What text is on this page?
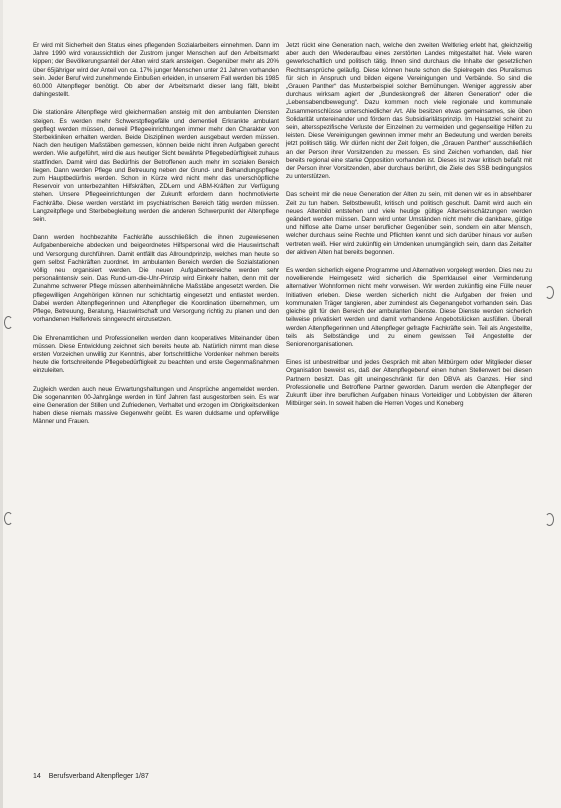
Er wird mit Sicherheit den Status eines pflegenden Sozialarbeiters einnehmen. Dann im Jahre 1990 wird voraussichtlich der Zustrom junger Menschen auf den Arbeitsmarkt kippen; der Bevölkerungsanteil der Alten wird stark ansteigen. Gegenüber mehr als 20% über 65jähriger wird der Anteil von ca. 17% junger Menschen unter 21 Jahren vorhanden sein. Jeder Beruf wird zunehmende Einbußen erleiden, in unserem Fall werden bis 1985 60.000 Altenpfleger benötigt. Ob aber der Arbeitsmarkt dieser lang fällt, bleibt dahingestellt.

Die stationäre Altenpflege wird gleichermaßen ansteig mit den ambulanten Diensten steigen. Es werden mehr Schwerstpflegefälle und dementiell Erkrankte ambulant gepflegt werden müssen, derweil Pflegeeinrichtungen immer mehr den Charakter von Sterbekliniken erhalten werden. Beide Disziplinen werden ausgebaut werden müssen. Nach den heutigen Maßstäben gemessen, können beide nicht ihren Aufgaben gerecht werden. Wie aufgeführt, wird die aus heutiger Sicht bewährte Pflegebedürftigkeit zuhaus stattfinden. Damit wird das Bedürfnis der Betroffenen auch mehr im sozialen Bereich liegen. Dann werden Pflege und Betreuung neben der Grund- und Behandlungspflege zum Hauptbedürfnis werden. Schon in Kürze wird nicht mehr das unerschöpfliche Reservoir von unterbezahlten Hilfskräften, ZDLern und ABM-Kräften zur Verfügung stehen. Unsere Pflegeeinrichtungen der Zukunft erfordern dann hochmotivierte Fachkräfte. Diese werden verstärkt im psychiatrischen Bereich tätig werden müssen. Langzeitpflege und Sterbebegleitung werden die anderen Schwerpunkt der Altenpflege sein.

Dann werden hochbezahlte Fachkräfte ausschließlich die ihnen zugewiesenen Aufgabenbereiche abdecken und beigeordnetes Hilfspersonal wird die Hauswirtschaft und Versorgung durchführen. Damit entfällt das Allroundprinzip, welches man heute so gern selbst Fachkräften zuordnet. Im ambulanten Bereich werden die Sozialstationen völlig neu organisiert werden. Die neuen Aufgabenbereiche werden sehr personalintensiv sein. Das Rund-um-die-Uhr-Prinzip wird Einkehr halten, denn mit der Zunahme schwerer Pflege müssen altenheimähnliche Maßstäbe angesetzt werden. Die pflegewilligen Angehörigen können nur schichtartig eingesetzt und entlastet werden. Dabei werden Altenpflegerinnen und Altenpfleger die Koordination übernehmen, um Pflege, Betreuung, Beratung, Hauswirtschaft und Versorgung richtig zu planen und den vorhandenen Helferkreis sinngerecht einzusetzen.

Die Ehrenamtlichen und Professionellen werden dann kooperatives Miteinander üben müssen. Diese Entwicklung zeichnet sich bereits heute ab. Natürlich nimmt man diese ersten Vorzeichen unwillig zur Kenntnis, aber fortschrittliche Vordenker nehmen bereits heute die fortschreitende Pflegebedürftigkeit zu beachten und erste Gegenmaßnahmen einzuleiten.

Zugleich werden auch neue Erwartungshaltungen und Ansprüche angemeldet werden. Die sogenannten 00-Jahrgänge werden in fünf Jahren fast ausgestorben sein. Es war eine Generation der Stillen und Zufriedenen, Verhaltet und erzogen im Obrigkeitsdenken haben diese niemals massive Gegenwehr geübt. Es waren duldsame und opferwillige Männer und Frauen.

Jetzt rückt eine Generation nach, welche den zweiten Weltkrieg erlebt hat, gleichzeitig aber auch den Wiederaufbau eines zerstörten Landes mitgestaltet hat. Viele waren gewerkschaftlich und politisch tätig. Ihnen sind durchaus die Inhalte der gesetzlichen Rechtsansprüche geläufig. Diese können heute schon die Spielregeln des Pluralismus für sich in Anspruch und bilden eigene Vereinigungen und Verbände. So sind die „Grauen Panther“ das Musterbeispiel solcher Bemühungen. Weniger aggressiv aber durchaus wirksam agiert der „Bundeskongreß der älteren Generation“ oder die „Lebensabendbewegung“. Dazu kommen noch viele regionale und kommunale Zusammenschlüsse unterschiedlicher Art. Alle besitzen etwas gemeinsames, sie üben Solidarität untereinander und fördern das Subsidiaritätsprinzip. Im Hauptziel scheint zu sein, altersspezifische Verluste der Einzelnen zu vermeiden und gegenseitige Hilfen zu leisten. Diese Vereinigungen gewinnen immer mehr an Bedeutung und werden bereits jetzt politisch tätig. Wir dürfen nicht der Zeit folgen, die „Grauen Panther“ ausschließlich an der Person ihrer Vorsitzenden zu messen. Es sind Zeichen vorhanden, daß hier bereits regional eine starke Opposition vorhanden ist. Dieses ist zwar kritisch befaßt mit der Person ihrer Vorsitzenden, aber durchaus berührt, die Ziele des SSB bedingungslos zu unterstützen.

Das scheint mir die neue Generation der Alten zu sein, mit denen wir es in absehbarer Zeit zu tun haben. Selbstbewußt, kritisch und politisch geschult. Damit wird auch ein neues Altenbild entstehen und viele heutige gültige Alterseinschätzungen werden geändert werden müssen. Dann wird unter Umständen nicht mehr die dankbare, gütige und hilflose alte Dame unser beruflicher Gegenüber sein, sondern ein alter Mensch, welcher durchaus seine Rechte und Pflichten kennt und sich darüber hinaus vor außen vertreten weiß. Hier wird zukünftig ein Umdenken unumgänglich sein, dann das Zeitalter der aktiven Alten hat bereits begonnen.

Es werden sicherlich eigene Programme und Alternativen vorgelegt werden. Dies neu zu novellierende Heimgesetz wird sicherlich die Sperrklausel einer Verminderung alternativer Wohnformen nicht mehr vorweisen. Wir werden zukünftig eine Fülle neuer Initiativen erleben. Diese werden sicherlich nicht die Aufgaben der freien und kommunalen Träger tangieren, aber zumindest als Gegenangebot vorhanden sein. Das gleiche gilt für den Bereich der ambulanten Dienste. Diese Dienste werden sicherlich teilweise privatisiert werden und damit vorhandene Angebotslücken ausfüllen. Überall werden Altenpflegerinnen und Altenpfleger gefragte Fachkräfte sein. Teil als Angestellte, teils als Selbständige und zu einem gewissen Teil Angestellte der Seniorenorganisationen.

Eines ist unbestreitbar und jedes Gespräch mit alten Mitbürgern oder Mitglieder dieser Organisation beweist es, daß der Altenpflegeberuf einen hohen Stellenwert bei diesen Partnern besitzt. Das gilt uneingeschränkt für den DBVA als Ganzes. Hier sind Professionelle und Betroffene Partner geworden. Darum werden die Altenpfleger der Zukunft über ihre beruflichen Aufgaben hinaus Vorteidiger und Lobbyisten der älteren Mitbürger sein. In soweit haben die Herren Voges und Koneberg

14 Berufsverband Altenpfleger 1/87
